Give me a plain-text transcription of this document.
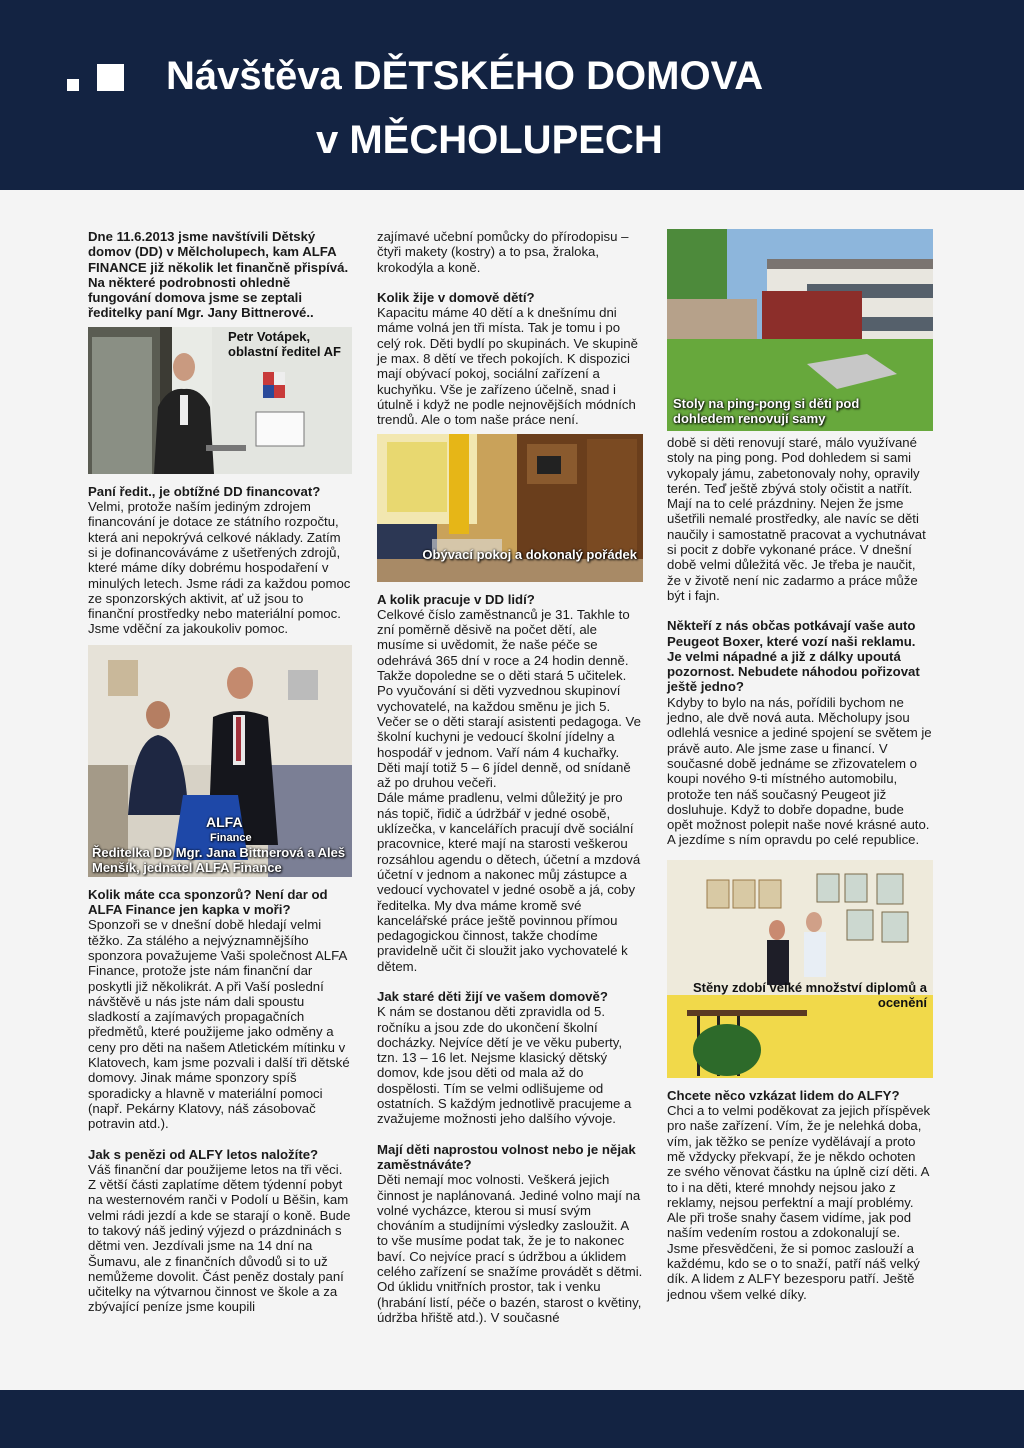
Návštěva DĚTSKÉHO DOMOVA
v MĚCHOLUPECH

Dne 11.6.2013 jsme navštívili Dětský domov (DD) v Mělcholupech, kam ALFA FINANCE již několik let finančně přispívá. Na některé podrobnosti ohledně fungování domova jsme se zeptali ředitelky paní Mgr. Jany Bittnerové..

Petr Votápek, oblastní ředitel AF

Paní ředit., je obtížné DD financovat?

Velmi, protože naším jediným zdrojem financování je dotace ze státního rozpočtu, která ani nepokrývá celkové náklady. Zatím si je dofinancováváme z ušetřených zdrojů, které máme díky dobrému hospodaření v minulých letech. Jsme rádi za každou pomoc ze sponzorských aktivit, ať už jsou to finanční prostředky nebo materiální pomoc. Jsme vděční za jakoukoliv pomoc.

ALFA
Finance
Ředitelka DD Mgr. Jana Bittnerová a Aleš Menšík, jednatel ALFA Finance

Kolik máte cca sponzorů? Není dar od ALFA Finance jen kapka v moři?

Sponzoři se v dnešní době hledají velmi těžko. Za stálého a nejvýznamnějšího sponzora považujeme Vaši společnost ALFA Finance, protože jste nám finanční dar poskytli již několikrát. A při Vaší poslední návštěvě u nás jste nám dali spoustu sladkostí a zajímavých propagačních předmětů, které použijeme jako odměny a ceny pro děti na našem Atletickém mítinku v Klatovech, kam jsme pozvali i další tři dětské domovy. Jinak máme sponzory spíš sporadicky a hlavně v materiální pomoci (např. Pekárny Klatovy, náš zásobovač potravin atd.).

Jak s penězi od ALFY letos naložíte?

Váš finanční dar použijeme letos na tři věci. Z větší části zaplatíme dětem týdenní pobyt na westernovém ranči v Podolí u Běšin, kam velmi rádi jezdí a kde se starají o koně. Bude to takový náš jediný výjezd o prázdninách s dětmi ven. Jezdívali jsme na 14 dní na Šumavu, ale z finančních důvodů si to už nemůžeme dovolit. Část peněz dostaly paní učitelky na výtvarnou činnost ve škole a za zbývající peníze jsme koupili

zajímavé učební pomůcky do přírodopisu – čtyři makety (kostry) a to psa, žraloka, krokodýla a koně.

Kolik žije v domově dětí?

Kapacitu máme 40 dětí a k dnešnímu dni máme volná jen tři místa. Tak je tomu i po celý rok. Děti bydlí po skupinách. Ve skupině je max. 8 dětí ve třech pokojích. K dispozici mají obývací pokoj, sociální zařízení a kuchyňku. Vše je zařízeno účelně, snad i útulně i když ne podle nejnovějších módních trendů. Ale o tom naše práce není.

Obývací pokoj a dokonalý pořádek

A kolik pracuje v DD lidí?

Celkové číslo zaměstnanců je 31. Takhle to zní poměrně děsivě na počet dětí, ale musíme si uvědomit, že naše péče se odehrává 365 dní v roce a 24 hodin denně. Takže dopoledne se o děti stará 5 učitelek. Po vyučování si děti vyzvednou skupinoví vychovatelé, na každou směnu je jich 5. Večer se o děti starají asistenti pedagoga. Ve školní kuchyni je vedoucí školní jídelny a hospodář v jednom. Vaří nám 4 kuchařky. Děti mají totiž 5 – 6 jídel denně, od snídaně až po druhou večeři.

Dále máme pradlenu, velmi důležitý je pro nás topič, řidič a údržbář v jedné osobě, uklízečka, v kancelářích pracují dvě sociální pracovnice, které mají na starosti veškerou rozsáhlou agendu o dětech, účetní a mzdová účetní v jednom a nakonec můj zástupce a vedoucí vychovatel v jedné osobě a já, coby ředitelka. My dva máme kromě své kancelářské práce ještě povinnou přímou pedagogickou činnost, takže chodíme pravidelně učit či sloužit jako vychovatelé k dětem.

Jak staré děti žijí ve vašem domově?

K nám se dostanou děti zpravidla od 5. ročníku a jsou zde do ukončení školní docházky. Nejvíce dětí je ve věku puberty, tzn. 13 – 16 let. Nejsme klasický dětský domov, kde jsou děti od mala až do dospělosti. Tím se velmi odlišujeme od ostatních. S každým jednotlivě pracujeme a zvažujeme možnosti jeho dalšího vývoje.

Mají děti naprostou volnost nebo je nějak zaměstnáváte?

Děti nemají moc volnosti. Veškerá jejich činnost je naplánovaná. Jediné volno mají na volné vycházce, kterou si musí svým chováním a studijními výsledky zasloužit. A to vše musíme podat tak, že je to nakonec baví. Co nejvíce prací s údržbou a úklidem celého zařízení se snažíme provádět s dětmi. Od úklidu vnitřních prostor, tak i venku (hrabání listí, péče o bazén, starost o květiny, údržba hřiště atd.). V současné

Stoly na ping-pong si děti pod dohledem renovují samy

době si děti renovují staré, málo využívané stoly na ping pong. Pod dohledem si sami vykopaly jámu, zabetonovaly nohy, opravily terén. Teď ještě zbývá stoly očistit a natřít. Mají na to celé prázdniny. Nejen že jsme ušetřili nemalé prostředky, ale navíc se děti naučily i samostatně pracovat a vychutnávat si pocit z dobře vykonané práce. V dnešní době velmi důležitá věc. Je třeba je naučit, že v životě není nic zadarmo a práce může být i fajn.

Někteří z nás občas potkávají vaše auto Peugeot Boxer, které vozí naši reklamu. Je velmi nápadné a již z dálky upoutá pozornost. Nebudete náhodou pořizovat ještě jedno?

Kdyby to bylo na nás, pořídili bychom ne jedno, ale dvě nová auta. Měcholupy jsou odlehlá vesnice a jediné spojení se světem je právě auto. Ale jsme zase u financí. V současné době jednáme se zřizovatelem o koupi nového 9-ti místného automobilu, protože ten náš současný Peugeot již dosluhuje. Když to dobře dopadne, bude opět možnost polepit naše nové krásné auto. A jezdíme s ním opravdu po celé republice.

Stěny zdobí velké množství diplomů a ocenění

Chcete něco vzkázat lidem do ALFY?

Chci a to velmi poděkovat za jejich příspěvek pro naše zařízení. Vím, že je nelehká doba, vím, jak těžko se peníze vydělávají a proto mě vždycky překvapí, že je někdo ochoten ze svého věnovat částku na úplně cizí děti. A to i na děti, které mnohdy nejsou jako z reklamy, nejsou perfektní a mají problémy. Ale při troše snahy časem vidíme, jak pod naším vedením rostou a zdokonalují se. Jsme přesvědčeni, že si pomoc zaslouží a každému, kdo se o to snaží, patří náš velký dík. A lidem z ALFY bezesporu patří. Ještě jednou všem velké díky.
